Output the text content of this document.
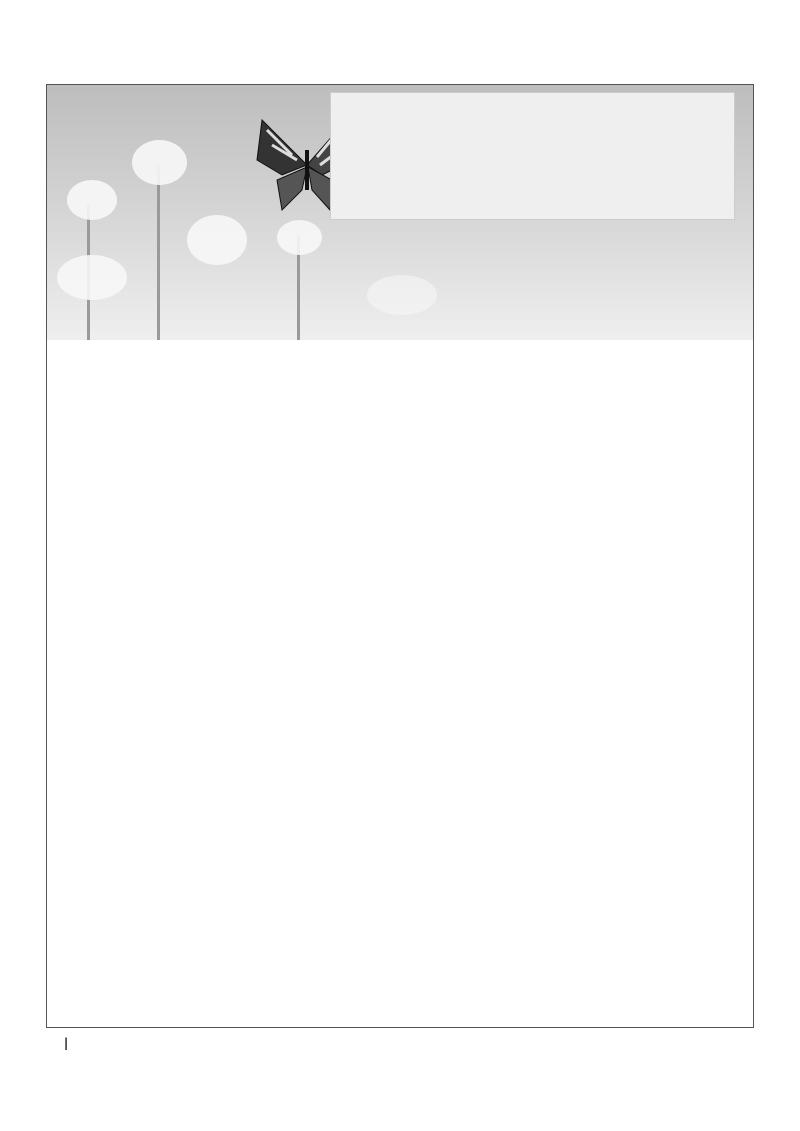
　 |
